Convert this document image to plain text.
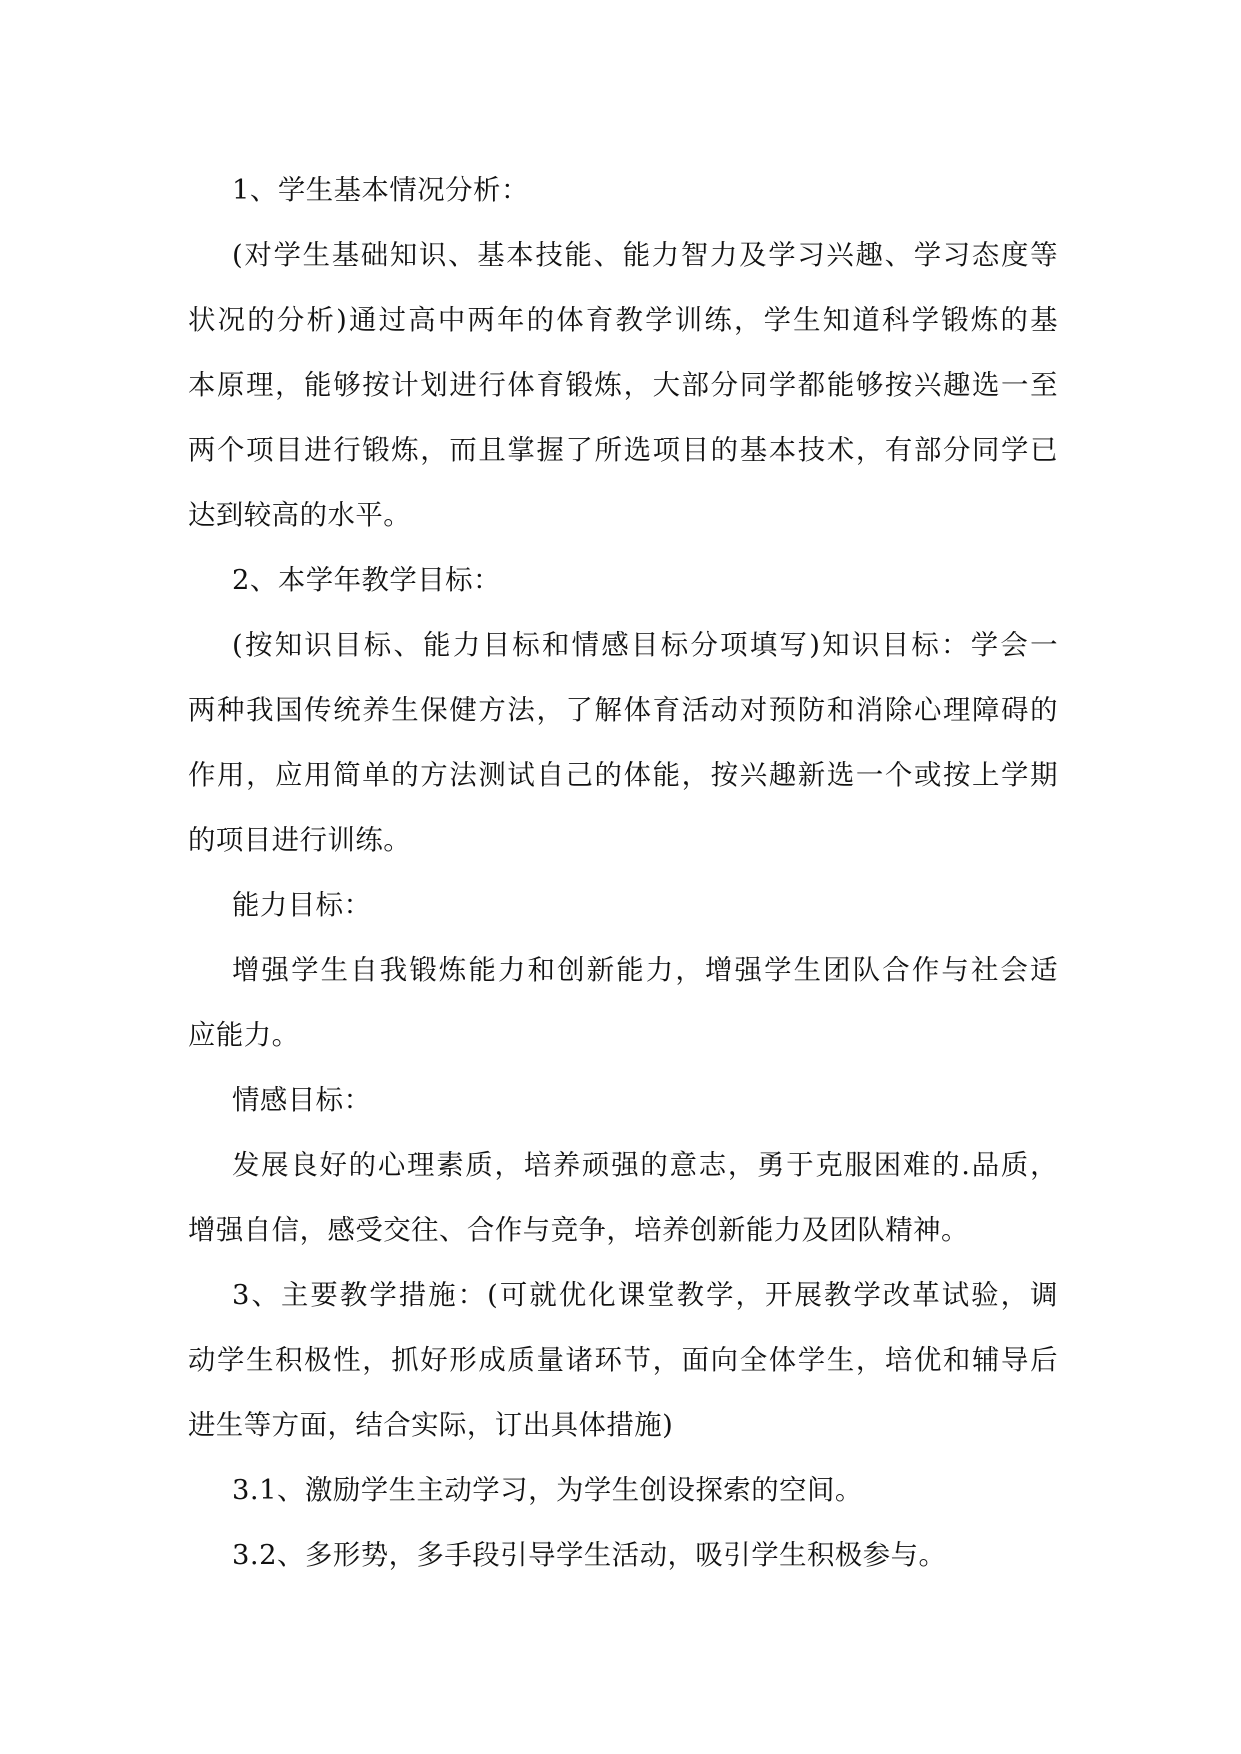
1、学生基本情况分析：

(对学生基础知识、基本技能、能力智力及学习兴趣、学习态度等
状况的分析)通过高中两年的体育教学训练，学生知道科学锻炼的基
本原理，能够按计划进行体育锻炼，大部分同学都能够按兴趣选一至
两个项目进行锻炼，而且掌握了所选项目的基本技术，有部分同学已
达到较高的水平。

2、本学年教学目标：

(按知识目标、能力目标和情感目标分项填写)知识目标：学会一
两种我国传统养生保健方法，了解体育活动对预防和消除心理障碍的
作用，应用简单的方法测试自己的体能，按兴趣新选一个或按上学期
的项目进行训练。

能力目标：

增强学生自我锻炼能力和创新能力，增强学生团队合作与社会适
应能力。

情感目标：

发展良好的心理素质，培养顽强的意志，勇于克服困难的.品质，
增强自信，感受交往、合作与竞争，培养创新能力及团队精神。

3、主要教学措施：(可就优化课堂教学，开展教学改革试验，调
动学生积极性，抓好形成质量诸环节，面向全体学生，培优和辅导后
进生等方面，结合实际，订出具体措施)

3.1、激励学生主动学习，为学生创设探索的空间。

3.2、多形势，多手段引导学生活动，吸引学生积极参与。
